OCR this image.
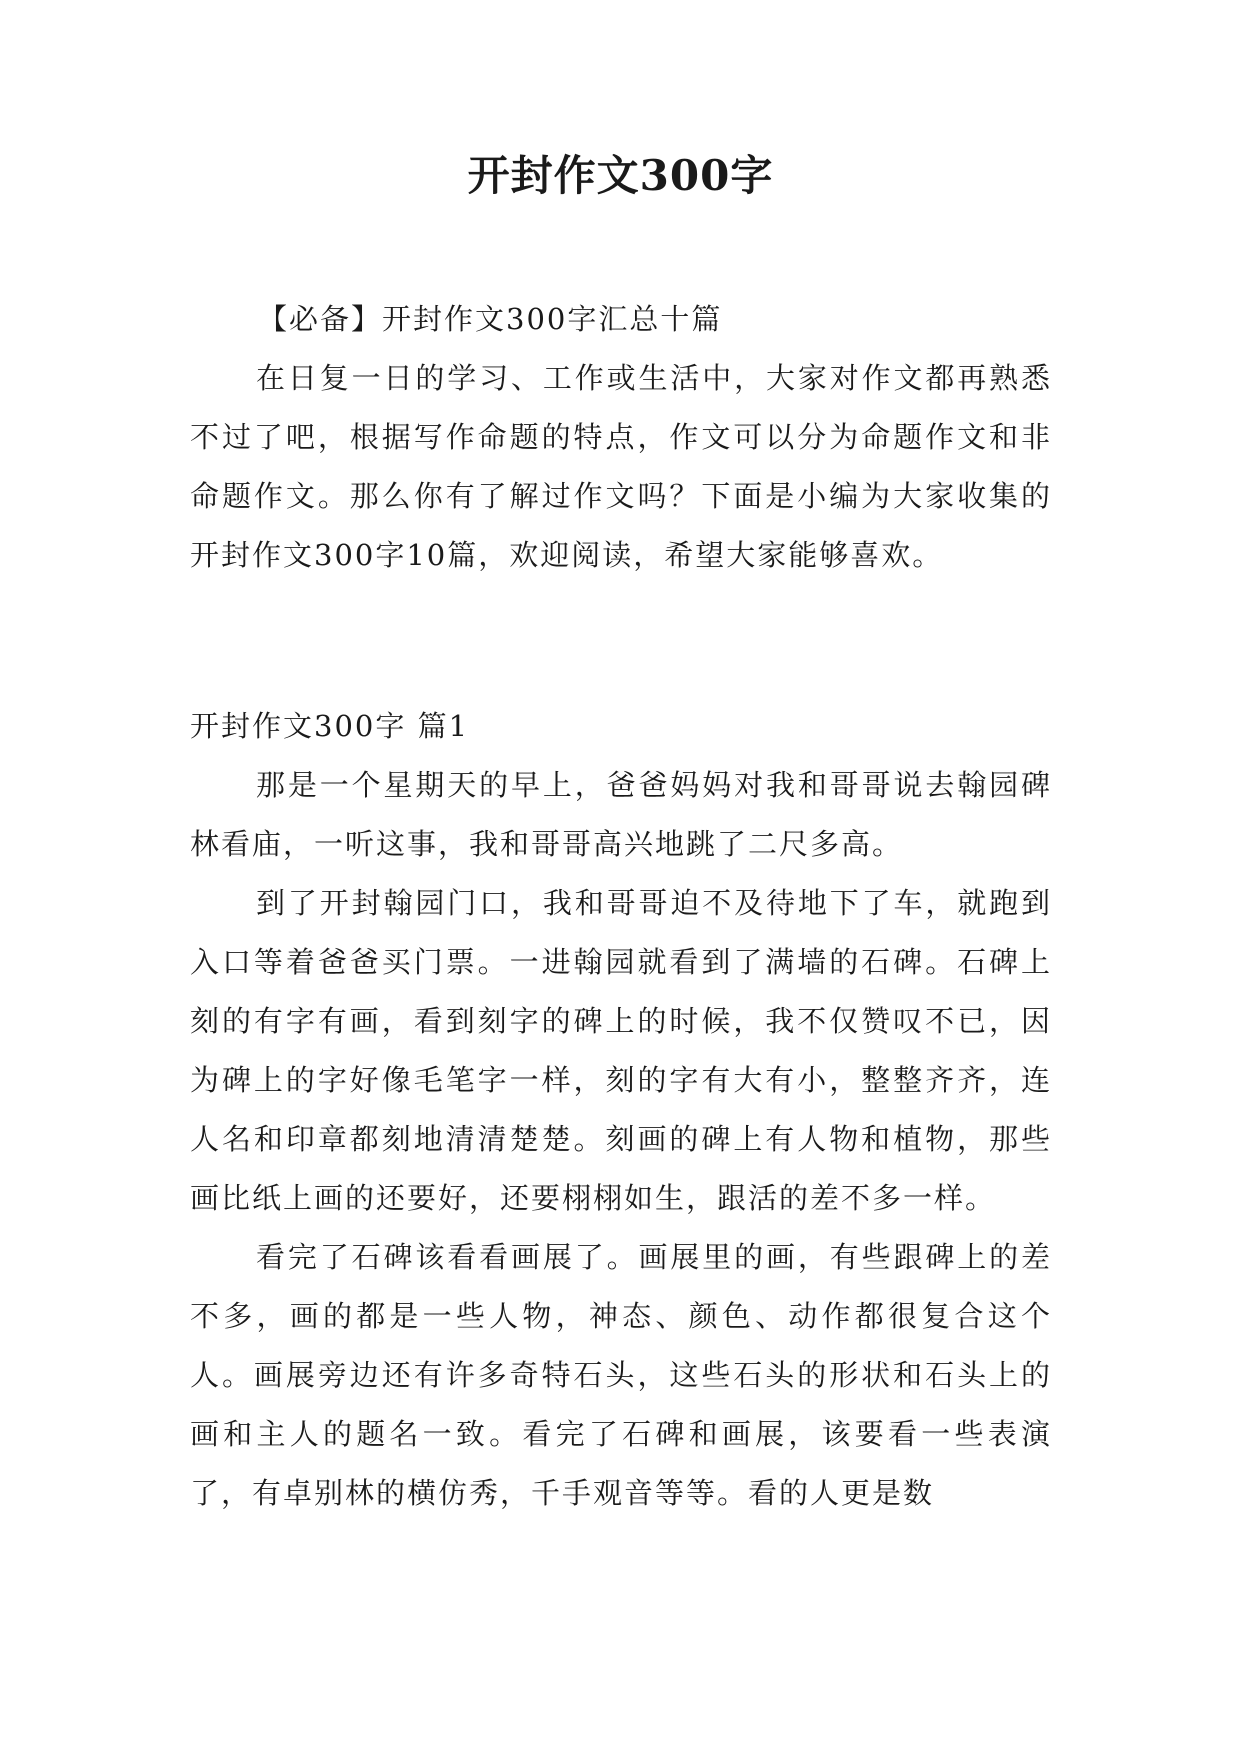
开封作文300字
【必备】开封作文300字汇总十篇

在日复一日的学习、工作或生活中，大家对作文都再熟悉不过了吧，根据写作命题的特点，作文可以分为命题作文和非命题作文。那么你有了解过作文吗？下面是小编为大家收集的开封作文300字10篇，欢迎阅读，希望大家能够喜欢。

开封作文300字 篇1

那是一个星期天的早上，爸爸妈妈对我和哥哥说去翰园碑林看庙，一听这事，我和哥哥高兴地跳了二尺多高。

到了开封翰园门口，我和哥哥迫不及待地下了车，就跑到入口等着爸爸买门票。一进翰园就看到了满墙的石碑。石碑上刻的有字有画，看到刻字的碑上的时候，我不仅赞叹不已，因为碑上的字好像毛笔字一样，刻的字有大有小，整整齐齐，连人名和印章都刻地清清楚楚。刻画的碑上有人物和植物，那些画比纸上画的还要好，还要栩栩如生，跟活的差不多一样。

看完了石碑该看看画展了。画展里的画，有些跟碑上的差不多，画的都是一些人物，神态、颜色、动作都很复合这个人。画展旁边还有许多奇特石头，这些石头的形状和石头上的画和主人的题名一致。看完了石碑和画展，该要看一些表演了，有卓别林的横仿秀，千手观音等等。看的人更是数
